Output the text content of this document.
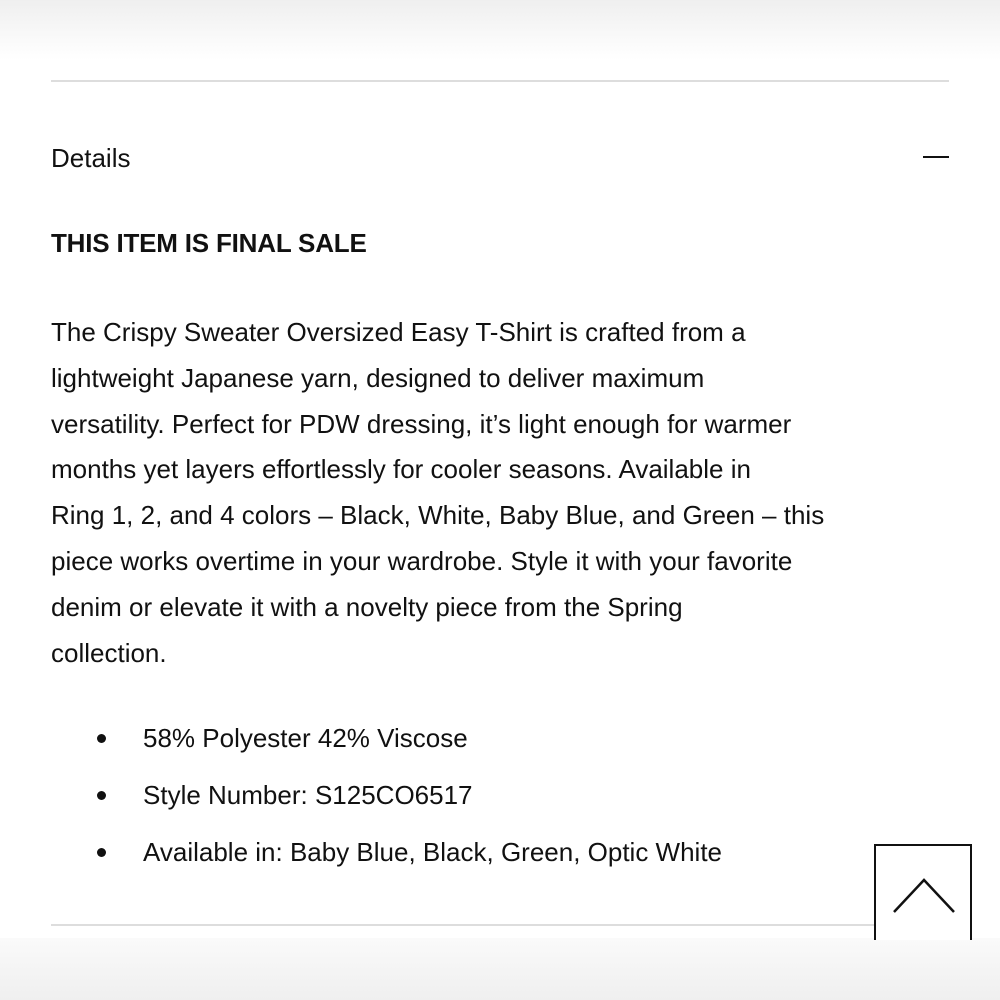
Details
THIS ITEM IS FINAL SALE

The Crispy Sweater Oversized Easy T-Shirt is crafted from a
lightweight Japanese yarn, designed to deliver maximum
versatility. Perfect for PDW dressing, it’s light enough for warmer
months yet layers effortlessly for cooler seasons. Available in
Ring 1, 2, and 4 colors – Black, White, Baby Blue, and Green – this
piece works overtime in your wardrobe. Style it with your favorite
denim or elevate it with a novelty piece from the Spring
collection.

58% Polyester 42% Viscose
Style Number: S125CO6517
Available in: Baby Blue, Black, Green, Optic White
